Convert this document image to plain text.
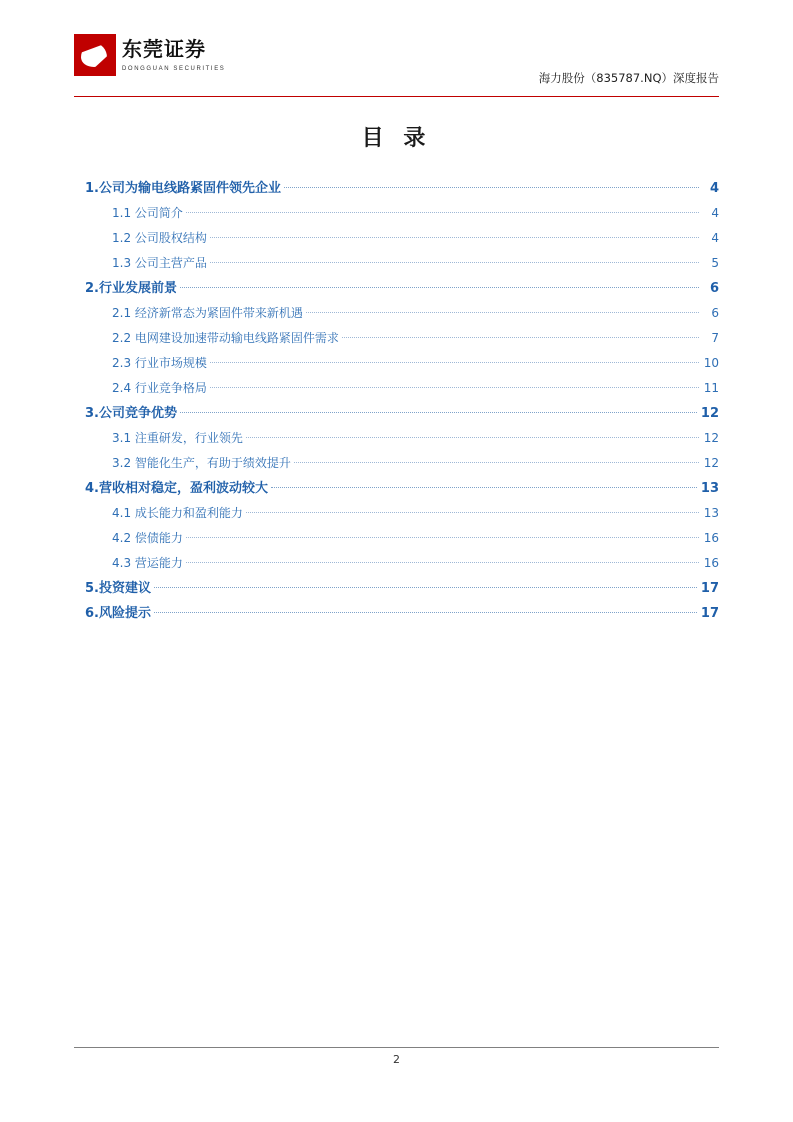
东莞证券
DONGGUAN SECURITIES
海力股份（835787.NQ）深度报告
目 录
1.公司为输电线路紧固件领先企业	4
1.1 公司简介	4
1.2 公司股权结构	4
1.3 公司主营产品	5
2.行业发展前景	6
2.1 经济新常态为紧固件带来新机遇	6
2.2 电网建设加速带动输电线路紧固件需求	7
2.3 行业市场规模	10
2.4 行业竞争格局	11
3.公司竞争优势	12
3.1 注重研发，行业领先	12
3.2 智能化生产，有助于绩效提升	12
4.营收相对稳定，盈利波动较大	13
4.1 成长能力和盈利能力	13
4.2 偿债能力	16
4.3 营运能力	16
5.投资建议	17
6.风险提示	17
2
